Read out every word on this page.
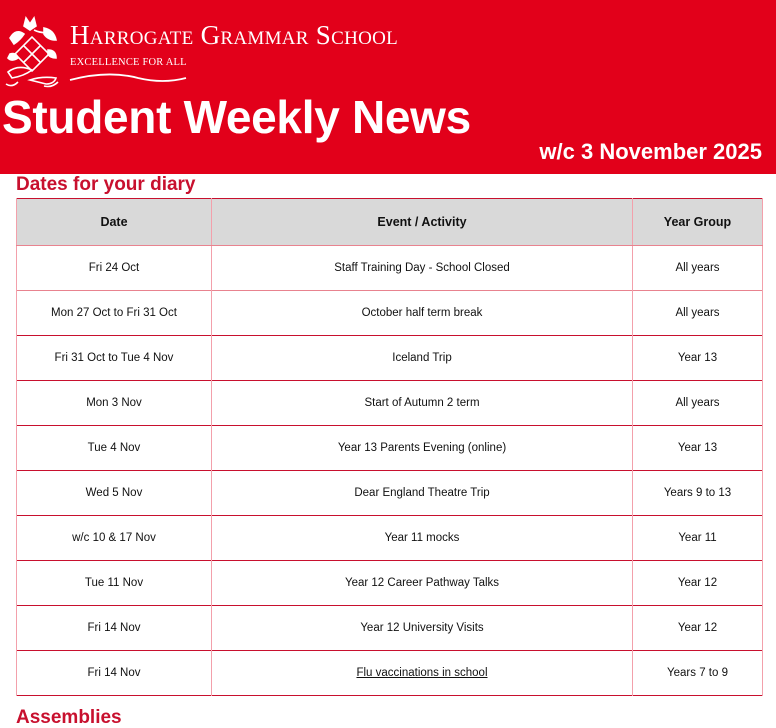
Harrogate Grammar School
EXCELLENCE FOR ALL
Student Weekly News
w/c 3 November 2025
Dates for your diary
Date	Event / Activity	Year Group
Fri 24 Oct	Staff Training Day - School Closed	All years
Mon 27 Oct to Fri 31 Oct	October half term break	All years
Fri 31 Oct to Tue 4 Nov	Iceland Trip	Year 13
Mon 3 Nov	Start of Autumn 2 term	All years
Tue 4 Nov	Year 13 Parents Evening (online)	Year 13
Wed 5 Nov	Dear England Theatre Trip	Years 9 to 13
w/c 10 & 17 Nov	Year 11 mocks	Year 11
Tue 11 Nov	Year 12 Career Pathway Talks	Year 12
Fri 14 Nov	Year 12 University Visits	Year 12
Fri 14 Nov	Flu vaccinations in school	Years 7 to 9
Assemblies
